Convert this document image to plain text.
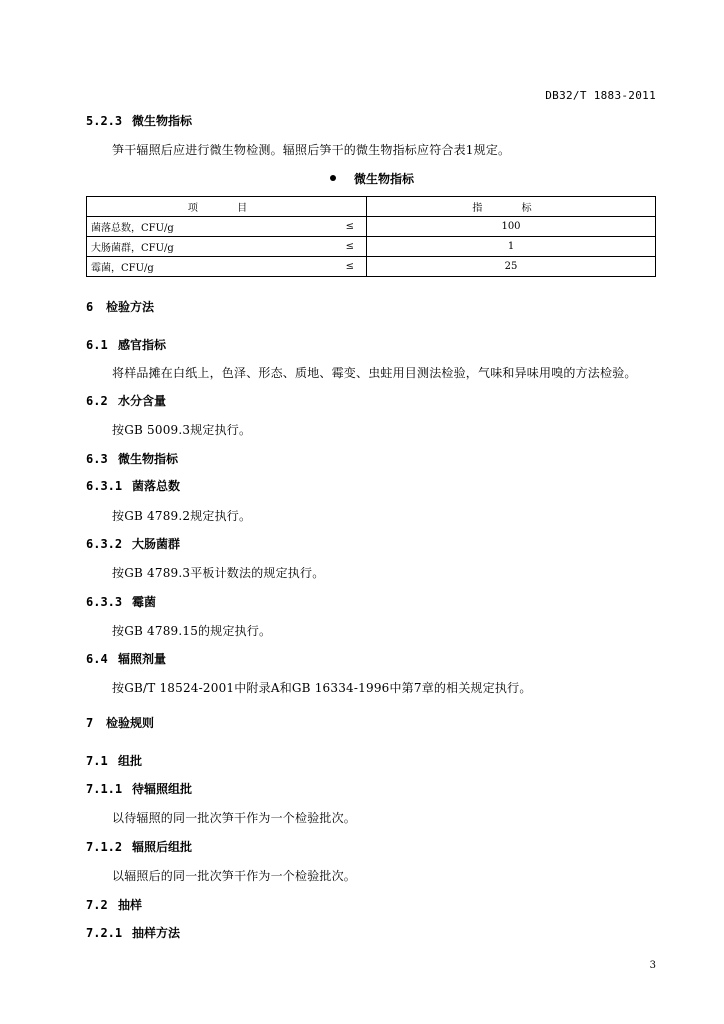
DB32/T 1883-2011
5.2.3 微生物指标
笋干辐照后应进行微生物检测。辐照后笋干的微生物指标应符合表1规定。
微生物指标
项 目		指 标
菌落总数，CFU/g	≤	100
大肠菌群，CFU/g	≤	1
霉菌，CFU/g	≤	25
6 检验方法
6.1 感官指标
将样品摊在白纸上，色泽、形态、质地、霉变、虫蛀用目测法检验，气味和异味用嗅的方法检验。
6.2 水分含量
按GB 5009.3规定执行。
6.3 微生物指标
6.3.1 菌落总数
按GB 4789.2规定执行。
6.3.2 大肠菌群
按GB 4789.3平板计数法的规定执行。
6.3.3 霉菌
按GB 4789.15的规定执行。
6.4 辐照剂量
按GB/T 18524-2001中附录A和GB 16334-1996中第7章的相关规定执行。
7 检验规则
7.1 组批
7.1.1 待辐照组批
以待辐照的同一批次笋干作为一个检验批次。
7.1.2 辐照后组批
以辐照后的同一批次笋干作为一个检验批次。
7.2 抽样
7.2.1 抽样方法
3
